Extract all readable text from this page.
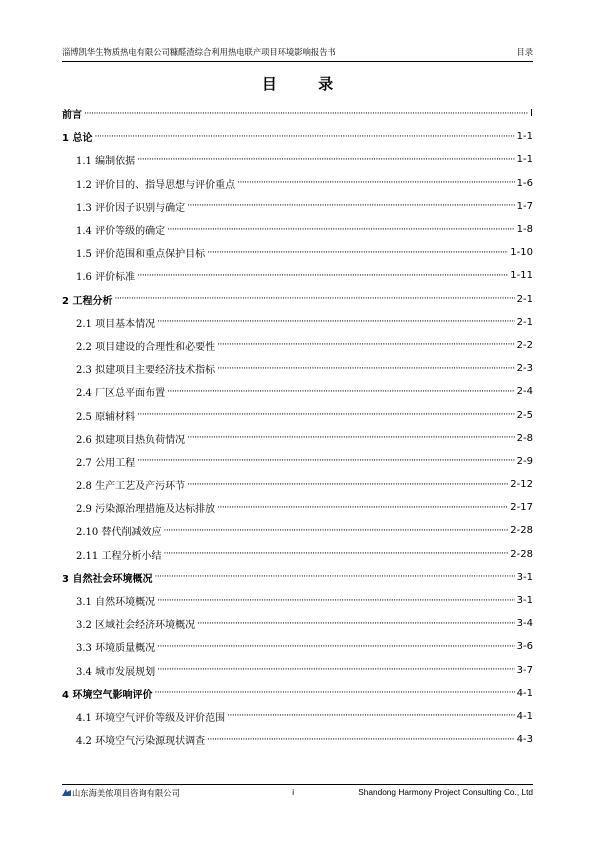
淄博凯华生物质热电有限公司糠醛渣综合利用热电联产项目环境影响报告书	目录
目 录
前言 ·····	I
1 总论 ·····	1-1
1.1 编制依据 ·····	1-1
1.2 评价目的、指导思想与评价重点 ·····	1-6
1.3 评价因子识别与确定 ·····	1-7
1.4 评价等级的确定 ·····	1-8
1.5 评价范围和重点保护目标 ·····	1-10
1.6 评价标准 ·····	1-11
2 工程分析 ·····	2-1
2.1 项目基本情况 ·····	2-1
2.2 项目建设的合理性和必要性 ·····	2-2
2.3 拟建项目主要经济技术指标 ·····	2-3
2.4 厂区总平面布置 ·····	2-4
2.5 原辅材料 ·····	2-5
2.6 拟建项目热负荷情况 ·····	2-8
2.7 公用工程 ·····	2-9
2.8 生产工艺及产污环节 ·····	2-12
2.9 污染源治理措施及达标排放 ·····	2-17
2.10 替代削减效应 ·····	2-28
2.11 工程分析小结 ·····	2-28
3 自然社会环境概况 ·····	3-1
3.1 自然环境概况 ·····	3-1
3.2 区域社会经济环境概况 ·····	3-4
3.3 环境质量概况 ·····	3-6
3.4 城市发展规划 ·····	3-7
4 环境空气影响评价 ·····	4-1
4.1 环境空气评价等级及评价范围 ·····	4-1
4.2 环境空气污染源现状调查 ·····	4-3
山东海美侬项目咨询有限公司	i	Shandong Harmony Project Consulting Co., Ltd
